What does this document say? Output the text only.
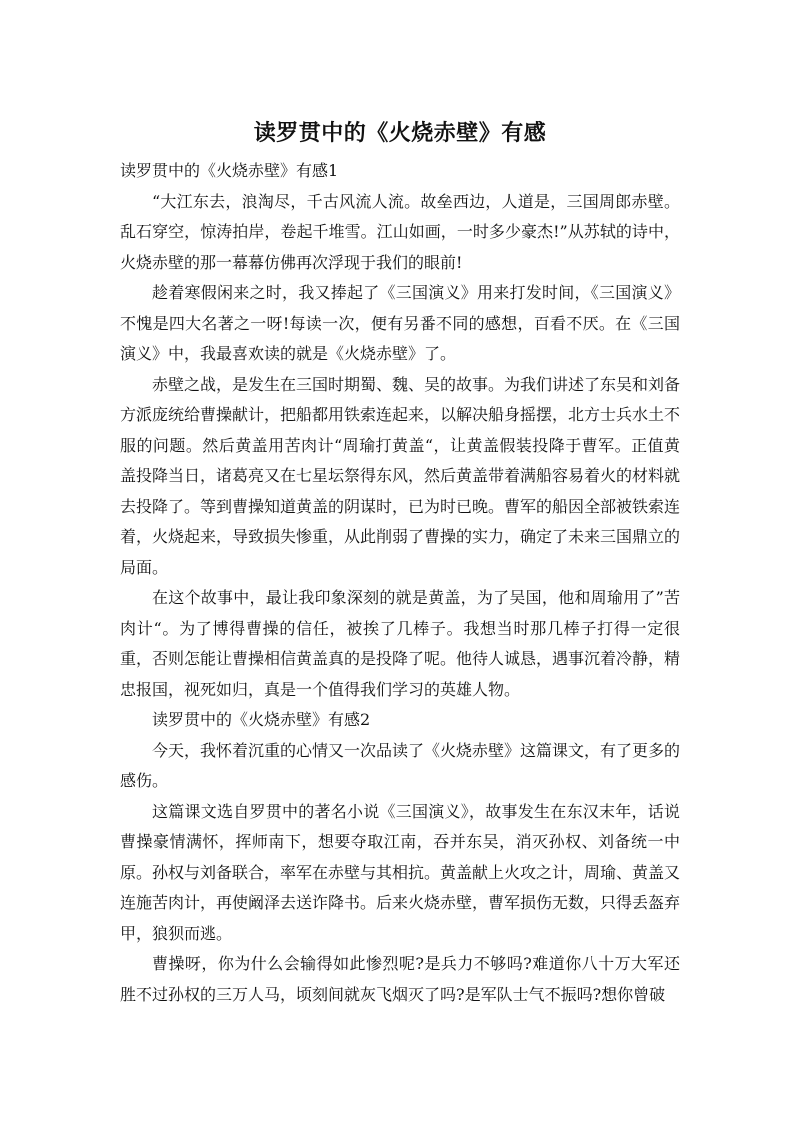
读罗贯中的《火烧赤壁》有感

读罗贯中的《火烧赤壁》有感1

“大江东去，浪淘尽，千古风流人流。故垒西边，人道是，三国周郎赤壁。乱石穿空，惊涛拍岸，卷起千堆雪。江山如画，一时多少豪杰!”从苏轼的诗中，火烧赤壁的那一幕幕仿佛再次浮现于我们的眼前!

趁着寒假闲来之时，我又捧起了《三国演义》用来打发时间，《三国演义》不愧是四大名著之一呀!每读一次，便有另番不同的感想，百看不厌。在《三国演义》中，我最喜欢读的就是《火烧赤壁》了。

赤壁之战，是发生在三国时期蜀、魏、吴的故事。为我们讲述了东吴和刘备方派庞统给曹操献计，把船都用铁索连起来，以解决船身摇摆，北方士兵水土不服的问题。然后黄盖用苦肉计“周瑜打黄盖“，让黄盖假装投降于曹军。正值黄盖投降当日，诸葛亮又在七星坛祭得东风，然后黄盖带着满船容易着火的材料就去投降了。等到曹操知道黄盖的阴谋时，已为时已晚。曹军的船因全部被铁索连着，火烧起来，导致损失惨重，从此削弱了曹操的实力，确定了未来三国鼎立的局面。

在这个故事中，最让我印象深刻的就是黄盖，为了吴国，他和周瑜用了”苦肉计“。为了博得曹操的信任，被挨了几棒子。我想当时那几棒子打得一定很重，否则怎能让曹操相信黄盖真的是投降了呢。他待人诚恳，遇事沉着冷静，精忠报国，视死如归，真是一个值得我们学习的英雄人物。

读罗贯中的《火烧赤壁》有感2

今天，我怀着沉重的心情又一次品读了《火烧赤壁》这篇课文，有了更多的感伤。

这篇课文选自罗贯中的著名小说《三国演义》，故事发生在东汉末年，话说曹操豪情满怀，挥师南下，想要夺取江南，吞并东吴，消灭孙权、刘备统一中原。孙权与刘备联合，率军在赤壁与其相抗。黄盖献上火攻之计，周瑜、黄盖又连施苦肉计，再使阚泽去送诈降书。后来火烧赤壁，曹军损伤无数，只得丢盔弃甲，狼狈而逃。

曹操呀，你为什么会输得如此惨烈呢?是兵力不够吗?难道你八十万大军还胜不过孙权的三万人马，顷刻间就灰飞烟灭了吗?是军队士气不振吗?想你曾破
